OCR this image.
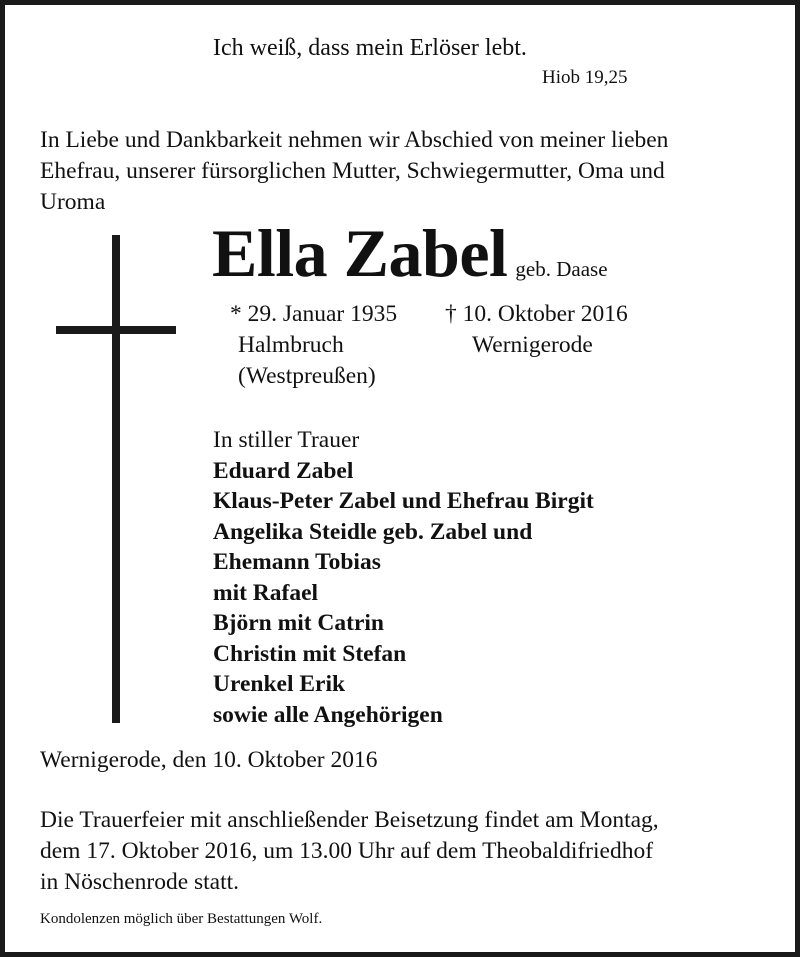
Ich weiß, dass mein Erlöser lebt.
Hiob 19,25
In Liebe und Dankbarkeit nehmen wir Abschied von meiner lieben
Ehefrau, unserer fürsorglichen Mutter, Schwiegermutter, Oma und
Uroma
Ella Zabel geb. Daase
* 29. Januar 1935
Halmbruch
(Westpreußen)
† 10. Oktober 2016
Wernigerode
In stiller Trauer
Eduard Zabel
Klaus-Peter Zabel und Ehefrau Birgit
Angelika Steidle geb. Zabel und
Ehemann Tobias
mit Rafael
Björn mit Catrin
Christin mit Stefan
Urenkel Erik
sowie alle Angehörigen
Wernigerode, den 10. Oktober 2016
Die Trauerfeier mit anschließender Beisetzung findet am Montag,
dem 17. Oktober 2016, um 13.00 Uhr auf dem Theobaldifriedhof
in Nöschenrode statt.
Kondolenzen möglich über Bestattungen Wolf.
